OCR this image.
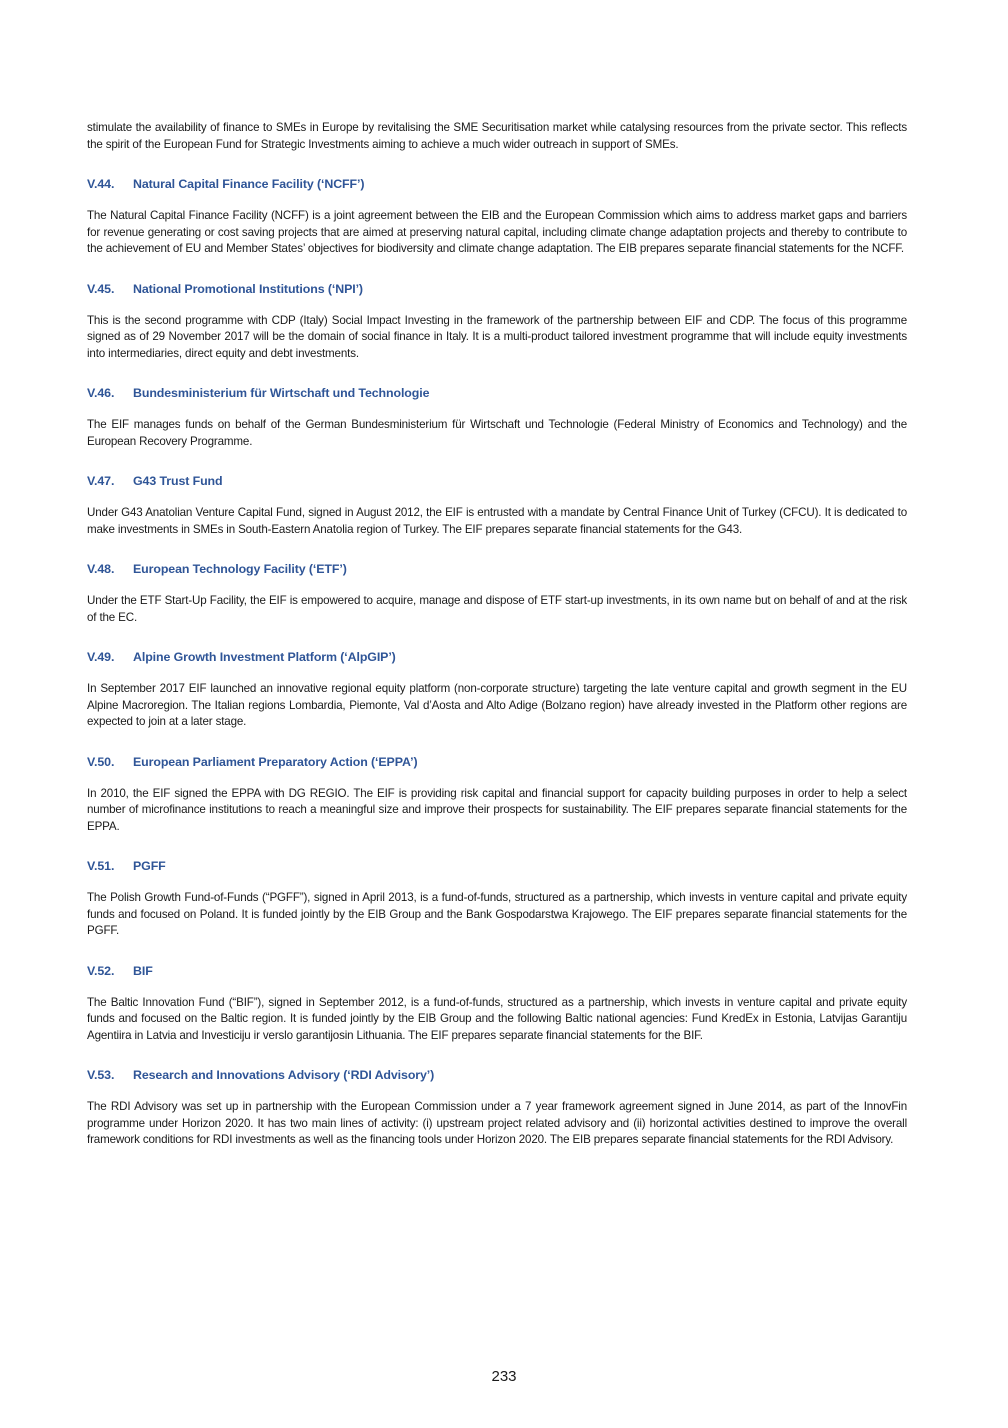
stimulate the availability of finance to SMEs in Europe by revitalising the SME Securitisation market while catalysing resources from the private sector. This reflects the spirit of the European Fund for Strategic Investments aiming to achieve a much wider outreach in support of SMEs.

V.44. Natural Capital Finance Facility (‘NCFF’)

The Natural Capital Finance Facility (NCFF) is a joint agreement between the EIB and the European Commission which aims to address market gaps and barriers for revenue generating or cost saving projects that are aimed at preserving natural capital, including climate change adaptation projects and thereby to contribute to the achievement of EU and Member States’ objectives for biodiversity and climate change adaptation. The EIB prepares separate financial statements for the NCFF.

V.45. National Promotional Institutions (‘NPI’)

This is the second programme with CDP (Italy) Social Impact Investing in the framework of the partnership between EIF and CDP. The focus of this programme signed as of 29 November 2017 will be the domain of social finance in Italy. It is a multi-product tailored investment programme that will include equity investments into intermediaries, direct equity and debt investments.

V.46. Bundesministerium für Wirtschaft und Technologie

The EIF manages funds on behalf of the German Bundesministerium für Wirtschaft und Technologie (Federal Ministry of Economics and Technology) and the European Recovery Programme.

V.47. G43 Trust Fund

Under G43 Anatolian Venture Capital Fund, signed in August 2012, the EIF is entrusted with a mandate by Central Finance Unit of Turkey (CFCU). It is dedicated to make investments in SMEs in South-Eastern Anatolia region of Turkey. The EIF prepares separate financial statements for the G43.

V.48. European Technology Facility (‘ETF’)

Under the ETF Start-Up Facility, the EIF is empowered to acquire, manage and dispose of ETF start-up investments, in its own name but on behalf of and at the risk of the EC.

V.49. Alpine Growth Investment Platform (‘AlpGIP’)

In September 2017 EIF launched an innovative regional equity platform (non-corporate structure) targeting the late venture capital and growth segment in the EU Alpine Macroregion. The Italian regions Lombardia, Piemonte, Val d’Aosta and Alto Adige (Bolzano region) have already invested in the Platform other regions are expected to join at a later stage.

V.50. European Parliament Preparatory Action (‘EPPA’)

In 2010, the EIF signed the EPPA with DG REGIO. The EIF is providing risk capital and financial support for capacity building purposes in order to help a select number of microfinance institutions to reach a meaningful size and improve their prospects for sustainability. The EIF prepares separate financial statements for the EPPA.

V.51. PGFF

The Polish Growth Fund-of-Funds (“PGFF”), signed in April 2013, is a fund-of-funds, structured as a partnership, which invests in venture capital and private equity funds and focused on Poland. It is funded jointly by the EIB Group and the Bank Gospodarstwa Krajowego. The EIF prepares separate financial statements for the PGFF.

V.52. BIF

The Baltic Innovation Fund (“BIF”), signed in September 2012, is a fund-of-funds, structured as a partnership, which invests in venture capital and private equity funds and focused on the Baltic region. It is funded jointly by the EIB Group and the following Baltic national agencies: Fund KredEx in Estonia, Latvijas Garantiju Agentiira in Latvia and Investiciju ir verslo garantijosin Lithuania. The EIF prepares separate financial statements for the BIF.

V.53. Research and Innovations Advisory (‘RDI Advisory’)

The RDI Advisory was set up in partnership with the European Commission under a 7 year framework agreement signed in June 2014, as part of the InnovFin programme under Horizon 2020. It has two main lines of activity: (i) upstream project related advisory and (ii) horizontal activities destined to improve the overall framework conditions for RDI investments as well as the financing tools under Horizon 2020. The EIB prepares separate financial statements for the RDI Advisory.

233
